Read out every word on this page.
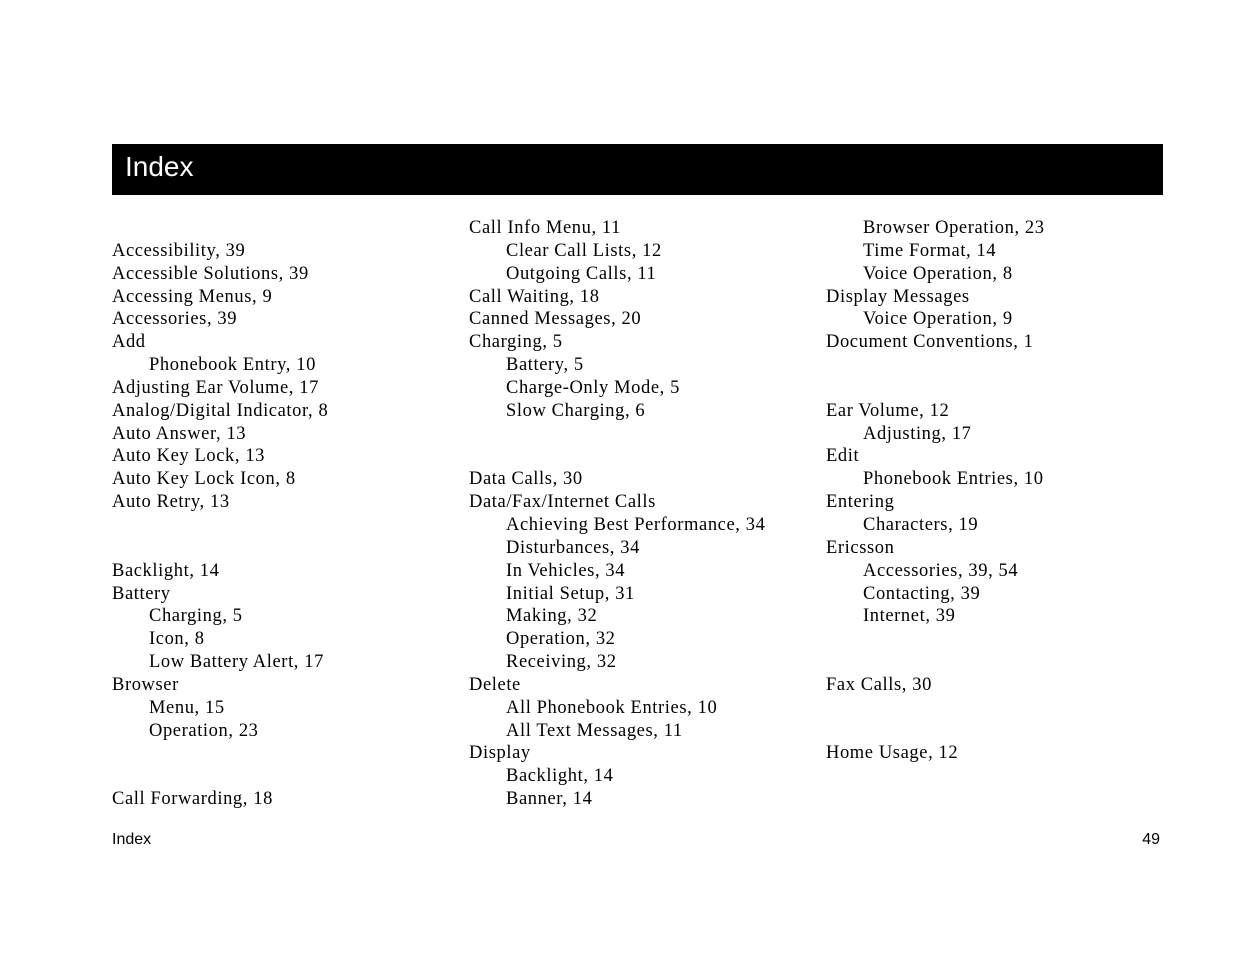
Index
Accessibility, 39
Accessible Solutions, 39
Accessing Menus, 9
Accessories, 39
Add
Phonebook Entry, 10
Adjusting Ear Volume, 17
Analog/Digital Indicator, 8
Auto Answer, 13
Auto Key Lock, 13
Auto Key Lock Icon, 8
Auto Retry, 13
Backlight, 14
Battery
Charging, 5
Icon, 8
Low Battery Alert, 17
Browser
Menu, 15
Operation, 23
Call Forwarding, 18
Call Info Menu, 11
Clear Call Lists, 12
Outgoing Calls, 11
Call Waiting, 18
Canned Messages, 20
Charging, 5
Battery, 5
Charge-Only Mode, 5
Slow Charging, 6
Data Calls, 30
Data/Fax/Internet Calls
Achieving Best Performance, 34
Disturbances, 34
In Vehicles, 34
Initial Setup, 31
Making, 32
Operation, 32
Receiving, 32
Delete
All Phonebook Entries, 10
All Text Messages, 11
Display
Backlight, 14
Banner, 14
Browser Operation, 23
Time Format, 14
Voice Operation, 8
Display Messages
Voice Operation, 9
Document Conventions, 1
Ear Volume, 12
Adjusting, 17
Edit
Phonebook Entries, 10
Entering
Characters, 19
Ericsson
Accessories, 39, 54
Contacting, 39
Internet, 39
Fax Calls, 30
Home Usage, 12
Index	49
